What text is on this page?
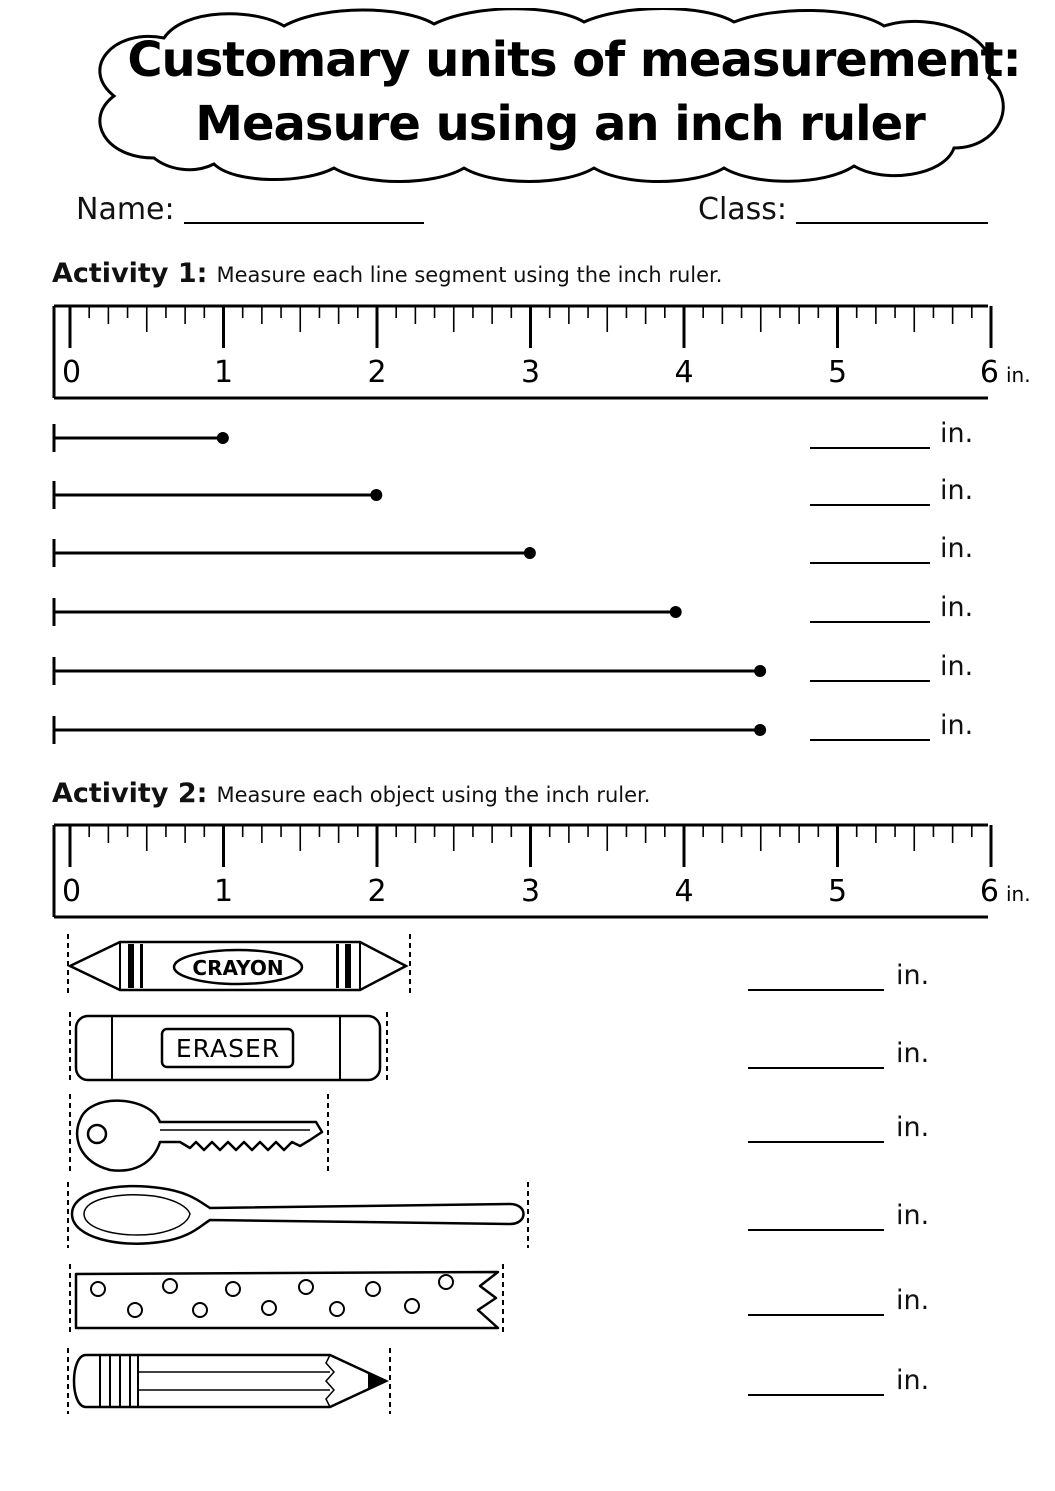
Customary units of measurement:
Measure using an inch ruler
Name:	Class:
Activity 1: Measure each line segment using the inch ruler.
0	1	2	3	4	5	6 in.
in.
in.
in.
in.
in.
in.
Activity 2: Measure each object using the inch ruler.
0	1	2	3	4	5	6 in.
CRAYON	in.
ERASER	in.
in.
in.
in.
in.
